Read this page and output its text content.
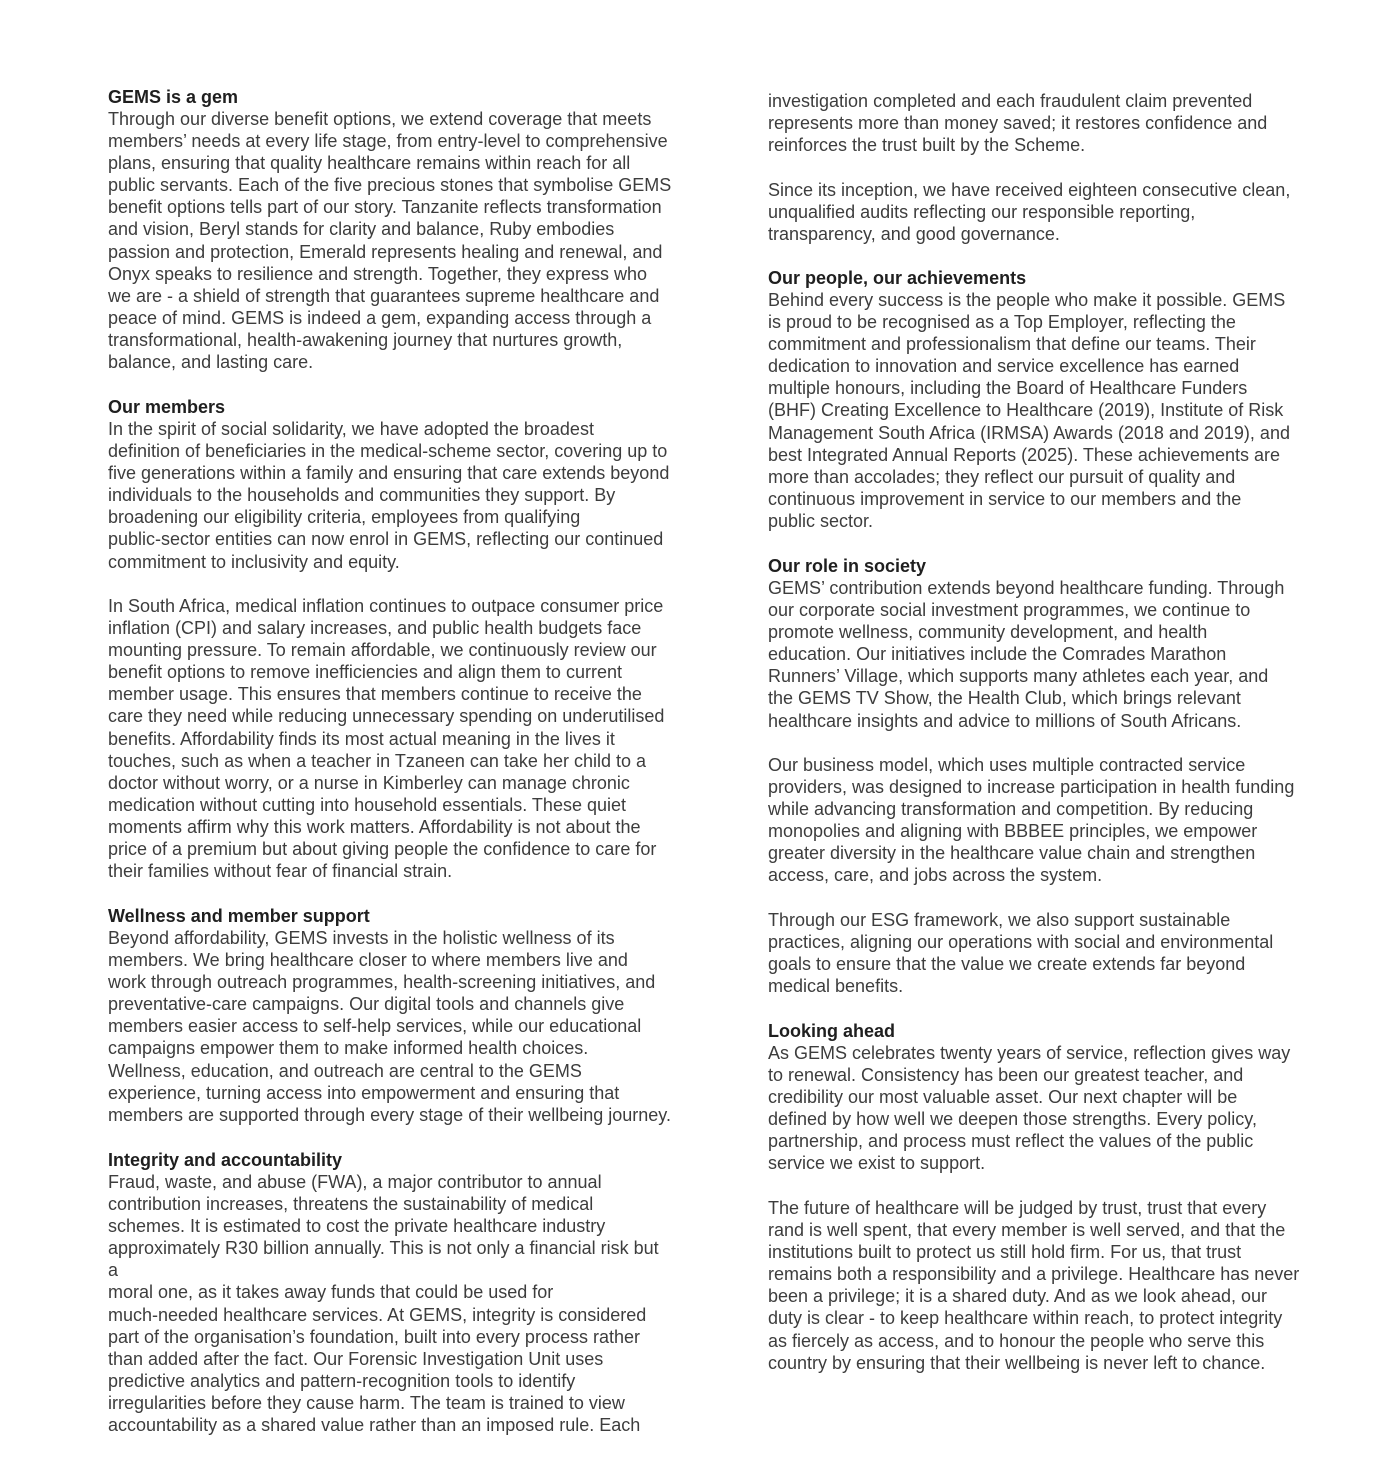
GEMS is a gem

Through our diverse benefit options, we extend coverage that meets
members’ needs at every life stage, from entry-level to comprehensive
plans, ensuring that quality healthcare remains within reach for all
public servants. Each of the five precious stones that symbolise GEMS
benefit options tells part of our story. Tanzanite reflects transformation
and vision, Beryl stands for clarity and balance, Ruby embodies
passion and protection, Emerald represents healing and renewal, and
Onyx speaks to resilience and strength. Together, they express who
we are - a shield of strength that guarantees supreme healthcare and
peace of mind. GEMS is indeed a gem, expanding access through a
transformational, health-awakening journey that nurtures growth,
balance, and lasting care.

Our members

In the spirit of social solidarity, we have adopted the broadest
definition of beneficiaries in the medical-scheme sector, covering up to
five generations within a family and ensuring that care extends beyond
individuals to the households and communities they support. By
broadening our eligibility criteria, employees from qualifying
public-sector entities can now enrol in GEMS, reflecting our continued
commitment to inclusivity and equity.

In South Africa, medical inflation continues to outpace consumer price
inflation (CPI) and salary increases, and public health budgets face
mounting pressure. To remain affordable, we continuously review our
benefit options to remove inefficiencies and align them to current
member usage. This ensures that members continue to receive the
care they need while reducing unnecessary spending on underutilised
benefits. Affordability finds its most actual meaning in the lives it
touches, such as when a teacher in Tzaneen can take her child to a
doctor without worry, or a nurse in Kimberley can manage chronic
medication without cutting into household essentials. These quiet
moments affirm why this work matters. Affordability is not about the
price of a premium but about giving people the confidence to care for
their families without fear of financial strain.

Wellness and member support

Beyond affordability, GEMS invests in the holistic wellness of its
members. We bring healthcare closer to where members live and
work through outreach programmes, health-screening initiatives, and
preventative-care campaigns. Our digital tools and channels give
members easier access to self-help services, while our educational
campaigns empower them to make informed health choices.
Wellness, education, and outreach are central to the GEMS
experience, turning access into empowerment and ensuring that
members are supported through every stage of their wellbeing journey.

Integrity and accountability

Fraud, waste, and abuse (FWA), a major contributor to annual
contribution increases, threatens the sustainability of medical
schemes. It is estimated to cost the private healthcare industry
approximately R30 billion annually. This is not only a financial risk but a
moral one, as it takes away funds that could be used for
much-needed healthcare services. At GEMS, integrity is considered
part of the organisation’s foundation, built into every process rather
than added after the fact. Our Forensic Investigation Unit uses
predictive analytics and pattern-recognition tools to identify
irregularities before they cause harm. The team is trained to view
accountability as a shared value rather than an imposed rule. Each

investigation completed and each fraudulent claim prevented
represents more than money saved; it restores confidence and
reinforces the trust built by the Scheme.

Since its inception, we have received eighteen consecutive clean,
unqualified audits reflecting our responsible reporting,
transparency, and good governance.

Our people, our achievements

Behind every success is the people who make it possible. GEMS
is proud to be recognised as a Top Employer, reflecting the
commitment and professionalism that define our teams. Their
dedication to innovation and service excellence has earned
multiple honours, including the Board of Healthcare Funders
(BHF) Creating Excellence to Healthcare (2019), Institute of Risk
Management South Africa (IRMSA) Awards (2018 and 2019), and
best Integrated Annual Reports (2025). These achievements are
more than accolades; they reflect our pursuit of quality and
continuous improvement in service to our members and the
public sector.

Our role in society

GEMS’ contribution extends beyond healthcare funding. Through
our corporate social investment programmes, we continue to
promote wellness, community development, and health
education. Our initiatives include the Comrades Marathon
Runners’ Village, which supports many athletes each year, and
the GEMS TV Show, the Health Club, which brings relevant
healthcare insights and advice to millions of South Africans.

Our business model, which uses multiple contracted service
providers, was designed to increase participation in health funding
while advancing transformation and competition. By reducing
monopolies and aligning with BBBEE principles, we empower
greater diversity in the healthcare value chain and strengthen
access, care, and jobs across the system.

Through our ESG framework, we also support sustainable
practices, aligning our operations with social and environmental
goals to ensure that the value we create extends far beyond
medical benefits.

Looking ahead

As GEMS celebrates twenty years of service, reflection gives way
to renewal. Consistency has been our greatest teacher, and
credibility our most valuable asset. Our next chapter will be
defined by how well we deepen those strengths. Every policy,
partnership, and process must reflect the values of the public
service we exist to support.

The future of healthcare will be judged by trust, trust that every
rand is well spent, that every member is well served, and that the
institutions built to protect us still hold firm. For us, that trust
remains both a responsibility and a privilege. Healthcare has never
been a privilege; it is a shared duty. And as we look ahead, our
duty is clear - to keep healthcare within reach, to protect integrity
as fiercely as access, and to honour the people who serve this
country by ensuring that their wellbeing is never left to chance.
